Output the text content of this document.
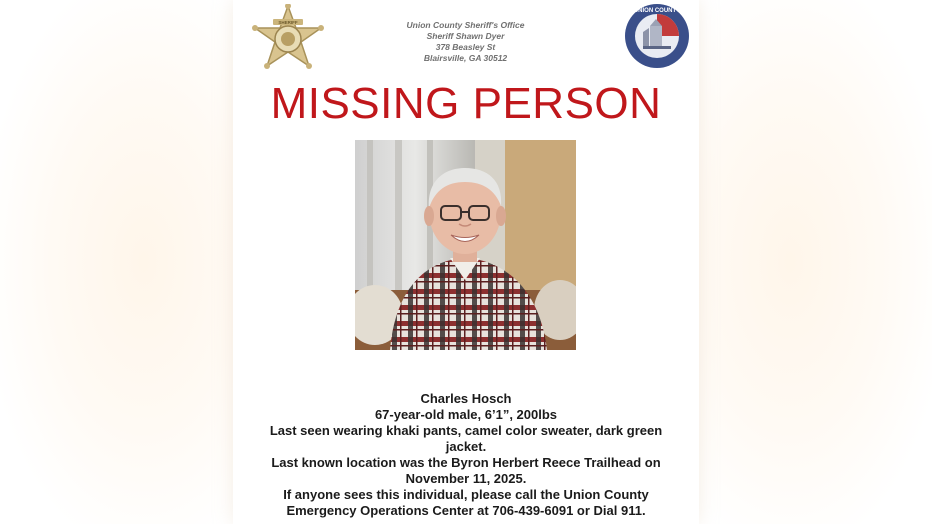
SHERIFF	Union County Sheriff's Office
Sheriff Shawn Dyer
378 Beasley St
Blairsville, GA 30512
UNION COUNTY
MISSING PERSON
Charles Hosch
67-year-old male, 6’1”, 200lbs
Last seen wearing khaki pants, camel color sweater, dark green
jacket.
Last known location was the Byron Herbert Reece Trailhead on
November 11, 2025.
If anyone sees this individual, please call the Union County
Emergency Operations Center at 706-439-6091 or Dial 911.
